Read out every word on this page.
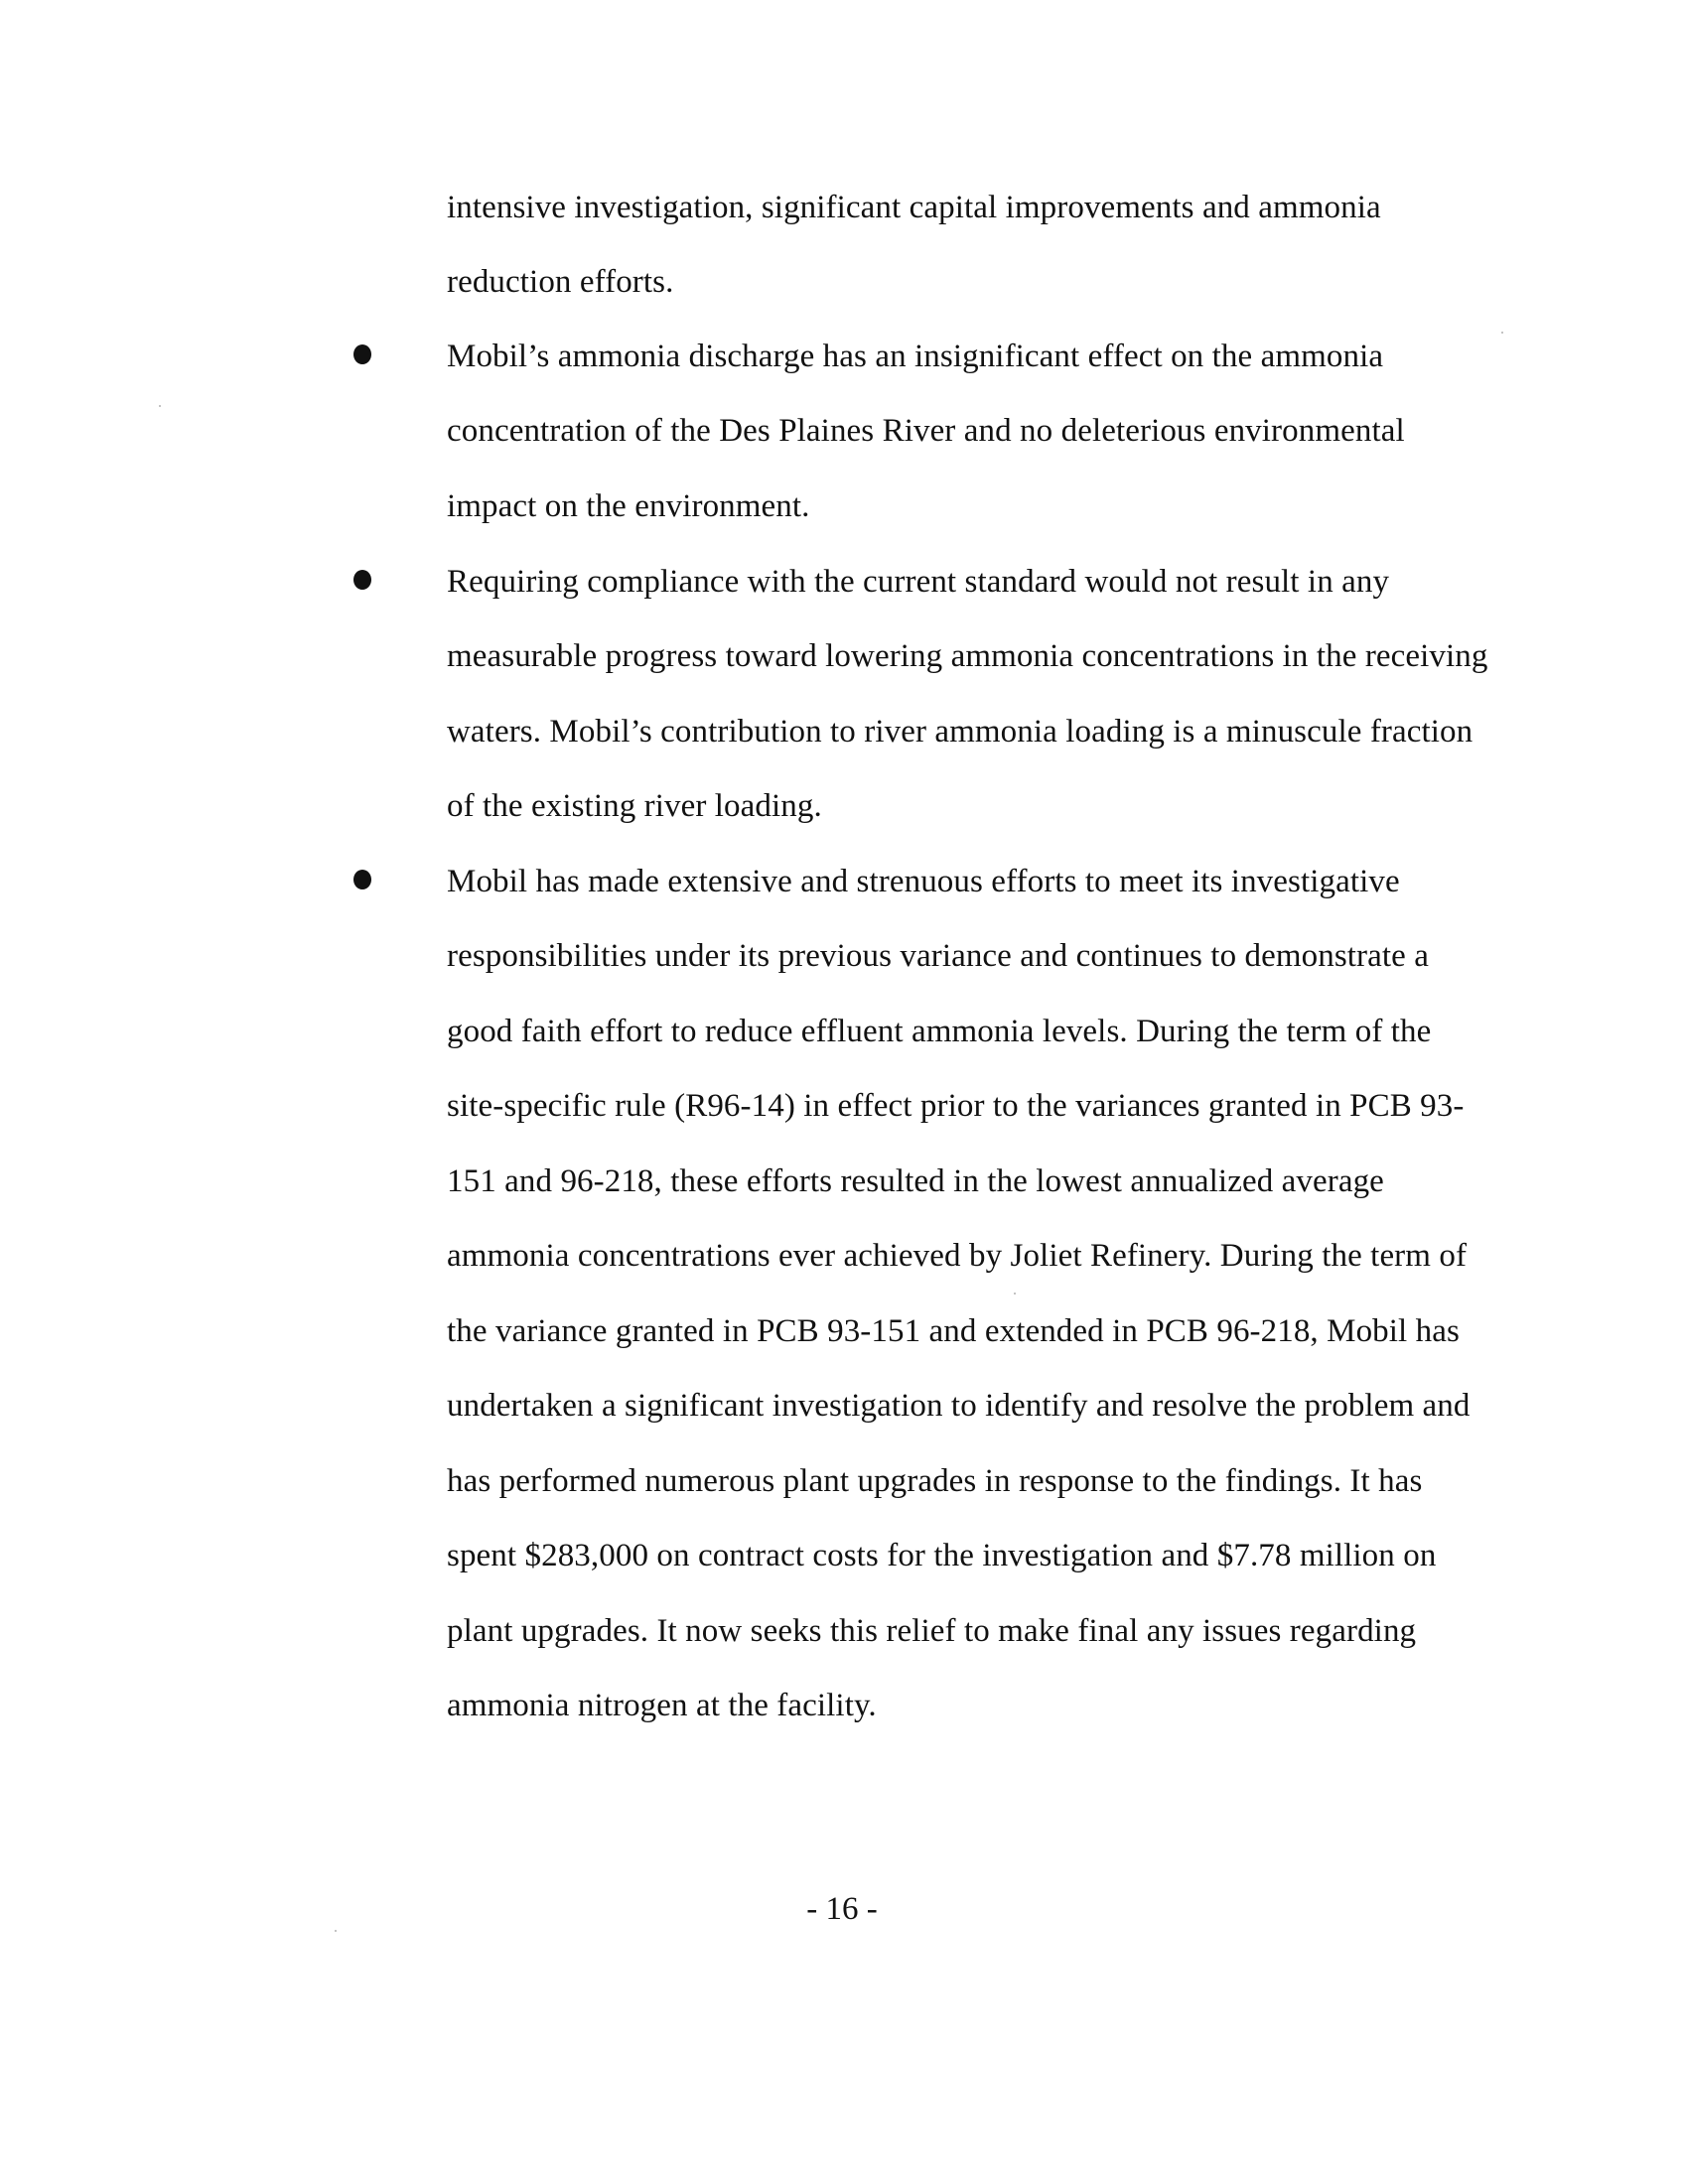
intensive investigation, significant capital improvements and ammonia

reduction efforts.

Mobil’s ammonia discharge has an insignificant effect on the ammonia

concentration of the Des Plaines River and no deleterious environmental

impact on the environment.

Requiring compliance with the current standard would not result in any

measurable progress toward lowering ammonia concentrations in the receiving

waters. Mobil’s contribution to river ammonia loading is a minuscule fraction

of the existing river loading.

Mobil has made extensive and strenuous efforts to meet its investigative

responsibilities under its previous variance and continues to demonstrate a

good faith effort to reduce effluent ammonia levels. During the term of the

site-specific rule (R96-14) in effect prior to the variances granted in PCB 93-

151 and 96-218, these efforts resulted in the lowest annualized average

ammonia concentrations ever achieved by Joliet Refinery. During the term of

the variance granted in PCB 93-151 and extended in PCB 96-218, Mobil has

undertaken a significant investigation to identify and resolve the problem and

has performed numerous plant upgrades in response to the findings. It has

spent $283,000 on contract costs for the investigation and $7.78 million on

plant upgrades. It now seeks this relief to make final any issues regarding

ammonia nitrogen at the facility.

- 16 -
